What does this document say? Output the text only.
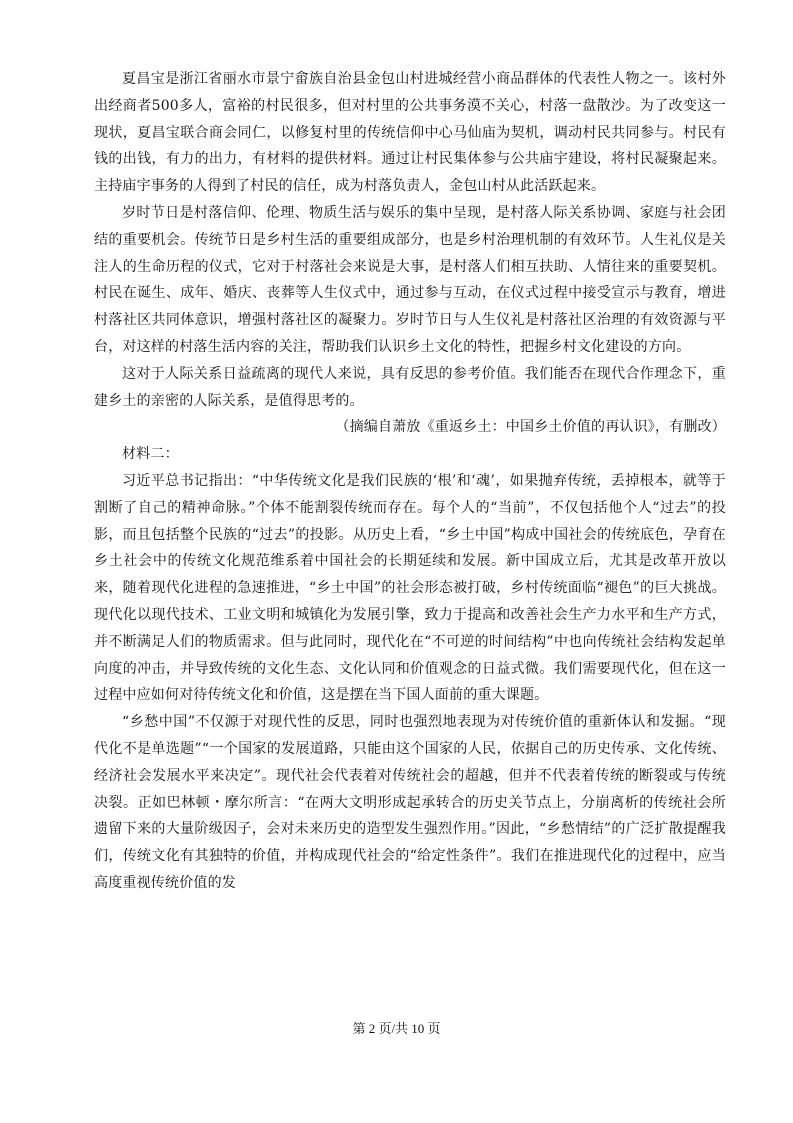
夏昌宝是浙江省丽水市景宁畲族自治县金包山村进城经营小商品群体的代表性人物之一。该村外出经商者500多人，富裕的村民很多，但对村里的公共事务漠不关心，村落一盘散沙。为了改变这一现状，夏昌宝联合商会同仁，以修复村里的传统信仰中心马仙庙为契机，调动村民共同参与。村民有钱的出钱，有力的出力，有材料的提供材料。通过让村民集体参与公共庙宇建设，将村民凝聚起来。主持庙宇事务的人得到了村民的信任，成为村落负责人，金包山村从此活跃起来。

岁时节日是村落信仰、伦理、物质生活与娱乐的集中呈现，是村落人际关系协调、家庭与社会团结的重要机会。传统节日是乡村生活的重要组成部分，也是乡村治理机制的有效环节。人生礼仪是关注人的生命历程的仪式，它对于村落社会来说是大事，是村落人们相互扶助、人情往来的重要契机。村民在诞生、成年、婚庆、丧葬等人生仪式中，通过参与互动，在仪式过程中接受宣示与教育，增进村落社区共同体意识，增强村落社区的凝聚力。岁时节日与人生仪礼是村落社区治理的有效资源与平台，对这样的村落生活内容的关注，帮助我们认识乡土文化的特性，把握乡村文化建设的方向。

这对于人际关系日益疏离的现代人来说，具有反思的参考价值。我们能否在现代合作理念下，重建乡土的亲密的人际关系，是值得思考的。

（摘编自萧放《重返乡土：中国乡土价值的再认识》，有删改）

材料二：

习近平总书记指出：“中华传统文化是我们民族的‘根’和‘魂’，如果抛弃传统，丢掉根本，就等于割断了自己的精神命脉。”个体不能割裂传统而存在。每个人的“当前”，不仅包括他个人“过去”的投影，而且包括整个民族的“过去”的投影。从历史上看，“乡土中国”构成中国社会的传统底色，孕育在乡土社会中的传统文化规范维系着中国社会的长期延续和发展。新中国成立后，尤其是改革开放以来，随着现代化进程的急速推进，“乡土中国”的社会形态被打破，乡村传统面临“褪色”的巨大挑战。现代化以现代技术、工业文明和城镇化为发展引擎，致力于提高和改善社会生产力水平和生产方式，并不断满足人们的物质需求。但与此同时，现代化在“不可逆的时间结构”中也向传统社会结构发起单向度的冲击，并导致传统的文化生态、文化认同和价值观念的日益式微。我们需要现代化，但在这一过程中应如何对待传统文化和价值，这是摆在当下国人面前的重大课题。

“乡愁中国”不仅源于对现代性的反思，同时也强烈地表现为对传统价值的重新体认和发掘。“现代化不是单选题”“一个国家的发展道路，只能由这个国家的人民，依据自己的历史传承、文化传统、经济社会发展水平来决定”。现代社会代表着对传统社会的超越，但并不代表着传统的断裂或与传统决裂。正如巴林顿・摩尔所言：“在两大文明形成起承转合的历史关节点上，分崩离析的传统社会所遗留下来的大量阶级因子，会对未来历史的造型发生强烈作用。”因此，“乡愁情结”的广泛扩散提醒我们，传统文化有其独特的价值，并构成现代社会的“给定性条件”。我们在推进现代化的过程中，应当高度重视传统价值的发

第 2 页/共 10 页
